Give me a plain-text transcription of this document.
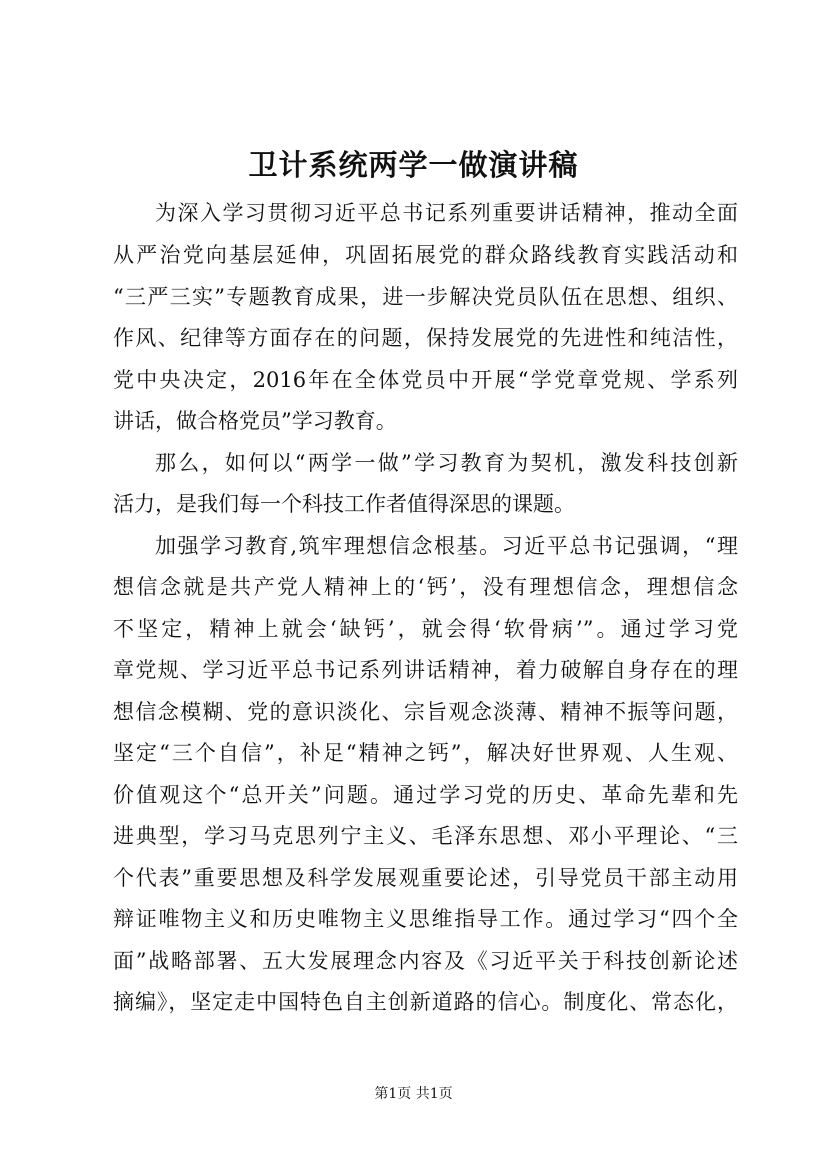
卫计系统两学一做演讲稿
为深入学习贯彻习近平总书记系列重要讲话精神，推动全面
从严治党向基层延伸，巩固拓展党的群众路线教育实践活动和
“三严三实”专题教育成果，进一步解决党员队伍在思想、组织、
作风、纪律等方面存在的问题，保持发展党的先进性和纯洁性，
党中央决定，2016年在全体党员中开展“学党章党规、学系列
讲话，做合格党员”学习教育。
那么，如何以“两学一做”学习教育为契机，激发科技创新
活力，是我们每一个科技工作者值得深思的课题。
加强学习教育,筑牢理想信念根基。习近平总书记强调，“理
想信念就是共产党人精神上的‘钙’，没有理想信念，理想信念
不坚定，精神上就会‘缺钙’，就会得‘软骨病’”。通过学习党
章党规、学习近平总书记系列讲话精神，着力破解自身存在的理
想信念模糊、党的意识淡化、宗旨观念淡薄、精神不振等问题，
坚定“三个自信”，补足“精神之钙”，解决好世界观、人生观、
价值观这个“总开关”问题。通过学习党的历史、革命先辈和先
进典型，学习马克思列宁主义、毛泽东思想、邓小平理论、“三
个代表”重要思想及科学发展观重要论述，引导党员干部主动用
辩证唯物主义和历史唯物主义思维指导工作。通过学习“四个全
面”战略部署、五大发展理念内容及《习近平关于科技创新论述
摘编》，坚定走中国特色自主创新道路的信心。制度化、常态化，
第1页 共1页
